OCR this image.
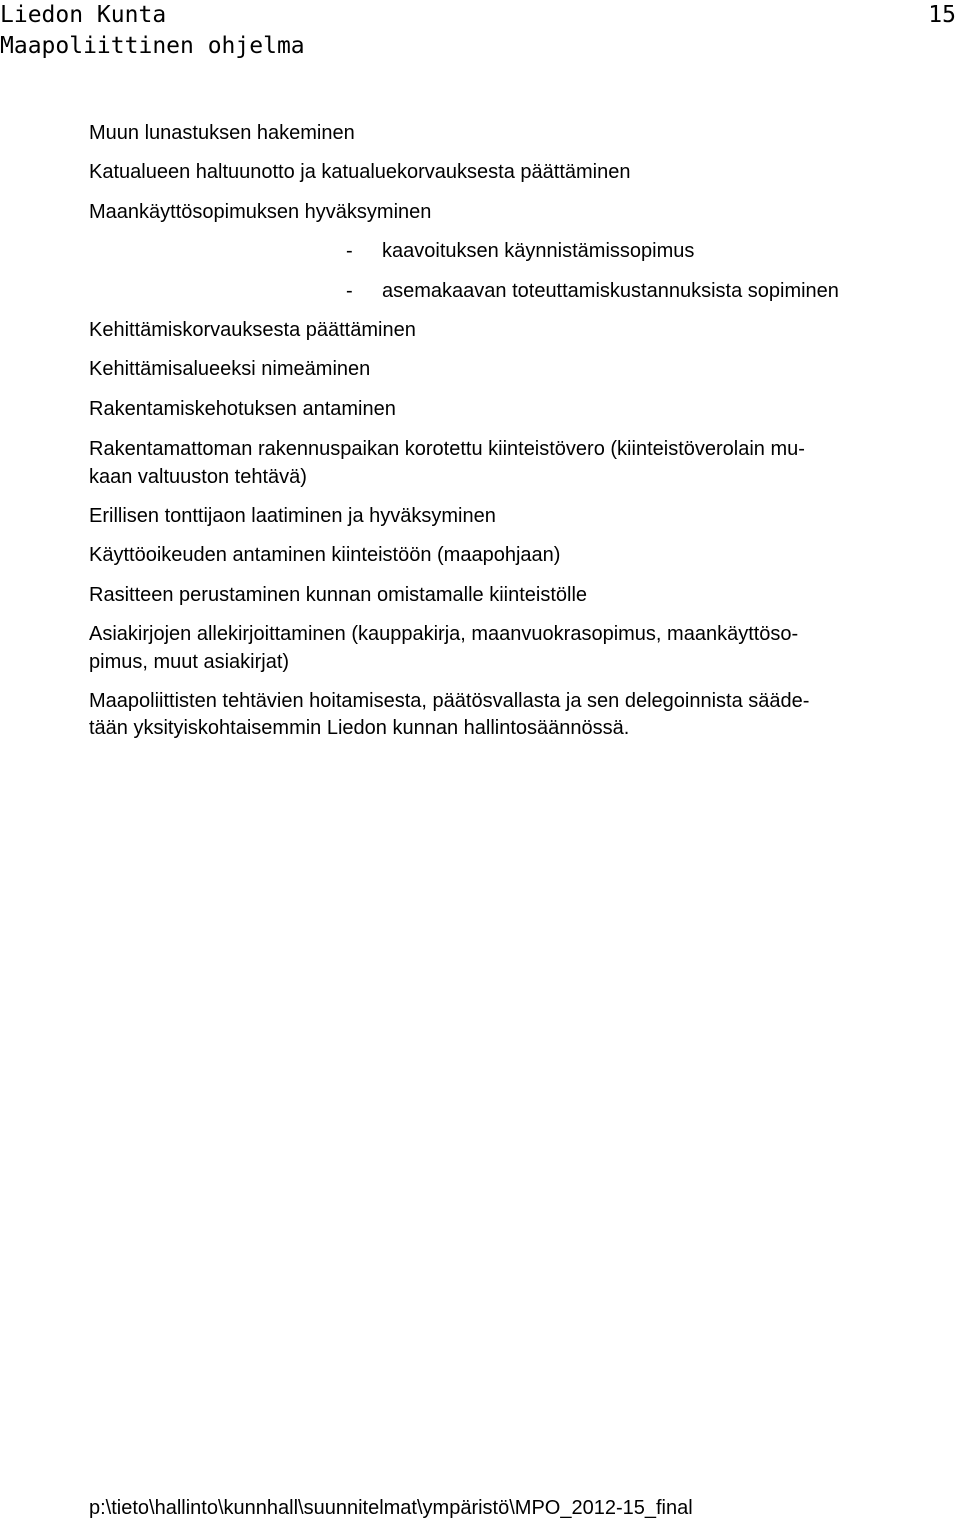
Liedon Kunta
Maapoliittinen ohjelma
15
Muun lunastuksen hakeminen
Katualueen haltuunotto ja katualuekorvauksesta päättäminen
Maankäyttösopimuksen hyväksyminen
- kaavoituksen käynnistämissopimus
- asemakaavan toteuttamiskustannuksista sopiminen
Kehittämiskorvauksesta päättäminen
Kehittämisalueeksi nimeäminen
Rakentamiskehotuksen antaminen
Rakentamattoman rakennuspaikan korotettu kiinteistövero (kiinteistöverolain mu-
kaan valtuuston tehtävä)
Erillisen tonttijaon laatiminen ja hyväksyminen
Käyttöoikeuden antaminen kiinteistöön (maapohjaan)
Rasitteen perustaminen kunnan omistamalle kiinteistölle
Asiakirjojen allekirjoittaminen (kauppakirja, maanvuokrasopimus, maankäyttöso-
pimus, muut asiakirjat)
Maapoliittisten tehtävien hoitamisesta, päätösvallasta ja sen delegoinnista sääde-
tään yksityiskohtaisemmin Liedon kunnan hallintosäännössä.
p:\tieto\hallinto\kunnhall\suunnitelmat\ympäristö\MPO_2012-15_final
